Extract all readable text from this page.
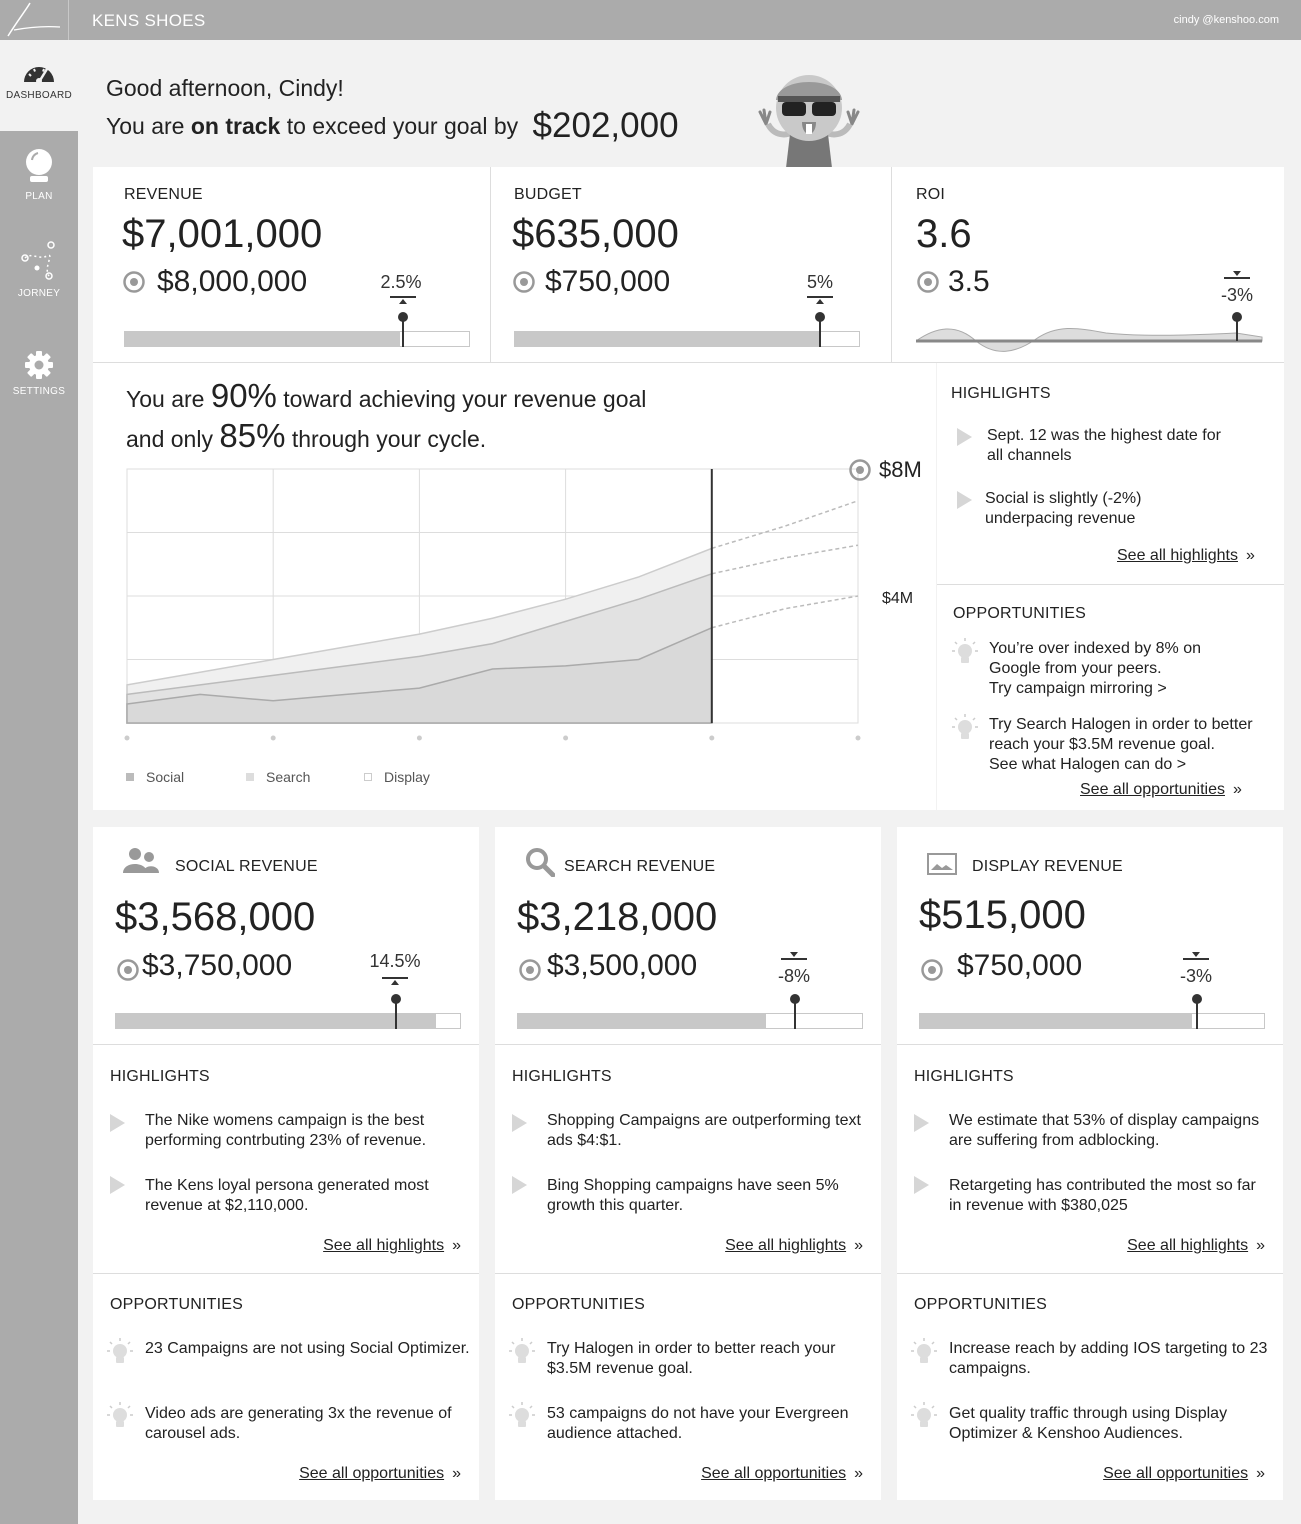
KENS SHOES	cindy @kenshoo.com
DASHBOARD
PLAN
JORNEY
SETTINGS
Good afternoon, Cindy!
You are on track to exceed your goal by $202,000
REVENUE
$7,001,000
$8,000,000	2.5%
BUDGET
$635,000
$750,000	5%
ROI
3.6
3.5	-3%
You are 90% toward achieving your revenue goal
and only 85% through your cycle.
$8M
$4M
Social	Search	Display
HIGHLIGHTS
Sept. 12 was the highest date for all channels
Social is slightly (-2%) underpacing revenue
See all highlights »
OPPORTUNITIES
You’re over indexed by 8% on
Google from your peers.
Try campaign mirroring >
Try Search Halogen in order to better
reach your $3.5M revenue goal.
See what Halogen can do >
See all opportunities »
SOCIAL REVENUE
$3,568,000
$3,750,000	14.5%
HIGHLIGHTS
The Nike womens campaign is the best performing contrbuting 23% of revenue.
The Kens loyal persona generated most revenue at $2,110,000.
See all highlights »
OPPORTUNITIES
23 Campaigns are not using Social Optimizer.
Video ads are generating 3x the revenue of carousel ads.
See all opportunities »
SEARCH REVENUE
$3,218,000
$3,500,000	-8%
HIGHLIGHTS
Shopping Campaigns are outperforming text ads $4:$1.
Bing Shopping campaigns have seen 5% growth this quarter.
See all highlights »
OPPORTUNITIES
Try Halogen in order to better reach your $3.5M revenue goal.
53 campaigns do not have your Evergreen audience attached.
See all opportunities »
DISPLAY REVENUE
$515,000
$750,000	-3%
HIGHLIGHTS
We estimate that 53% of display campaigns are suffering from adblocking.
Retargeting has contributed the most so far in revenue with $380,025
See all highlights »
OPPORTUNITIES
Increase reach by adding IOS targeting to 23 campaigns.
Get quality traffic through using Display Optimizer & Kenshoo Audiences.
See all opportunities »
